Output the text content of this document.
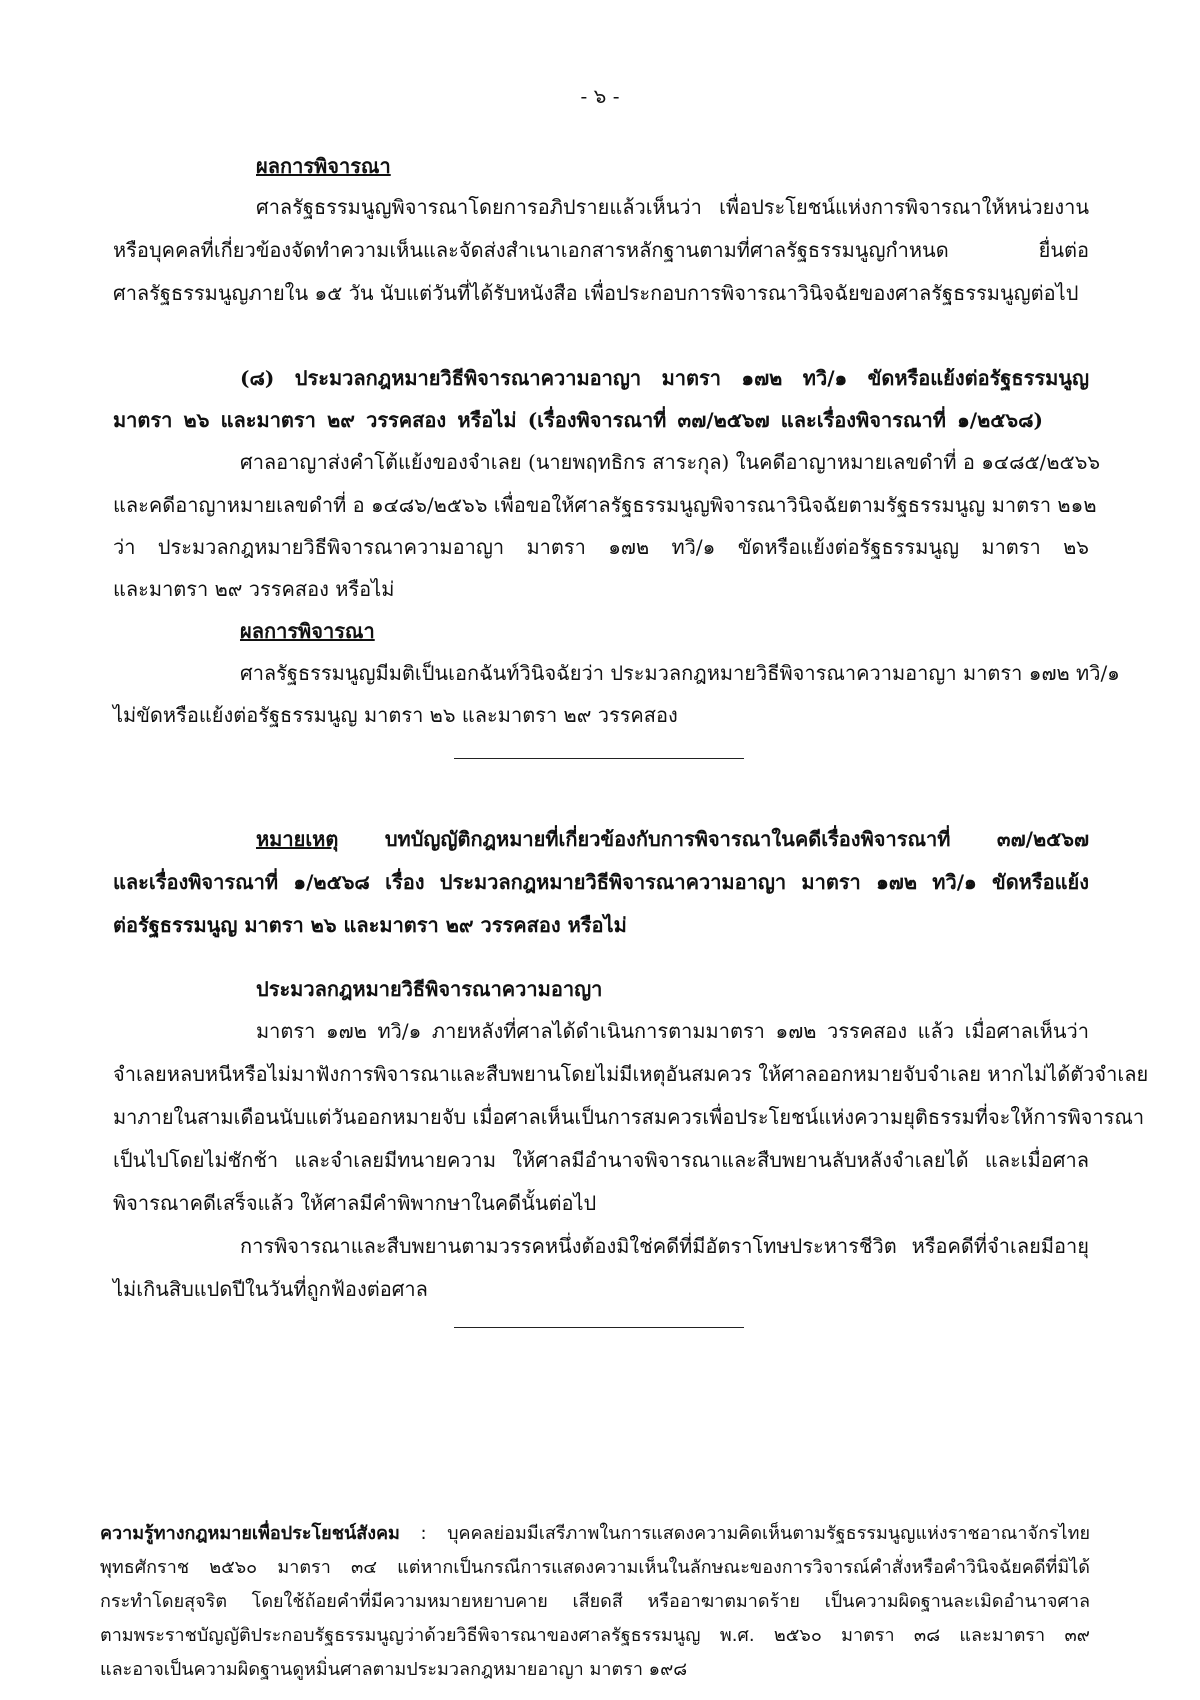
- ๖ -
ผลการพิจารณา
ศาลรัฐธรรมนูญพิจารณาโดยการอภิปรายแล้วเห็นว่า เพื่อประโยชน์แห่งการพิจารณาให้หน่วยงาน
หรือบุคคลที่เกี่ยวข้องจัดทำความเห็นและจัดส่งสำเนาเอกสารหลักฐานตามที่ศาลรัฐธรรมนูญกำหนด ยื่นต่อ
ศาลรัฐธรรมนูญภายใน ๑๕ วัน นับแต่วันที่ได้รับหนังสือ เพื่อประกอบการพิจารณาวินิจฉัยของศาลรัฐธรรมนูญต่อไป
(๘) ประมวลกฎหมายวิธีพิจารณาความอาญา มาตรา ๑๗๒ ทวิ/๑ ขัดหรือแย้งต่อรัฐธรรมนูญ
มาตรา ๒๖ และมาตรา ๒๙ วรรคสอง หรือไม่ (เรื่องพิจารณาที่ ๓๗/๒๕๖๗ และเรื่องพิจารณาที่ ๑/๒๕๖๘)
ศาลอาญาส่งคำโต้แย้งของจำเลย (นายพฤทธิกร สาระกุล) ในคดีอาญาหมายเลขดำที่ อ ๑๔๘๕/๒๕๖๖
และคดีอาญาหมายเลขดำที่ อ ๑๔๘๖/๒๕๖๖ เพื่อขอให้ศาลรัฐธรรมนูญพิจารณาวินิจฉัยตามรัฐธรรมนูญ มาตรา ๒๑๒
ว่า ประมวลกฎหมายวิธีพิจารณาความอาญา มาตรา ๑๗๒ ทวิ/๑ ขัดหรือแย้งต่อรัฐธรรมนูญ มาตรา ๒๖
และมาตรา ๒๙ วรรคสอง หรือไม่
ผลการพิจารณา
ศาลรัฐธรรมนูญมีมติเป็นเอกฉันท์วินิจฉัยว่า ประมวลกฎหมายวิธีพิจารณาความอาญา มาตรา ๑๗๒ ทวิ/๑
ไม่ขัดหรือแย้งต่อรัฐธรรมนูญ มาตรา ๒๖ และมาตรา ๒๙ วรรคสอง
หมายเหตุ บทบัญญัติกฎหมายที่เกี่ยวข้องกับการพิจารณาในคดีเรื่องพิจารณาที่ ๓๗/๒๕๖๗
และเรื่องพิจารณาที่ ๑/๒๕๖๘ เรื่อง ประมวลกฎหมายวิธีพิจารณาความอาญา มาตรา ๑๗๒ ทวิ/๑ ขัดหรือแย้ง
ต่อรัฐธรรมนูญ มาตรา ๒๖ และมาตรา ๒๙ วรรคสอง หรือไม่
ประมวลกฎหมายวิธีพิจารณาความอาญา
มาตรา ๑๗๒ ทวิ/๑ ภายหลังที่ศาลได้ดำเนินการตามมาตรา ๑๗๒ วรรคสอง แล้ว เมื่อศาลเห็นว่า
จำเลยหลบหนีหรือไม่มาฟังการพิจารณาและสืบพยานโดยไม่มีเหตุอันสมควร ให้ศาลออกหมายจับจำเลย หากไม่ได้ตัวจำเลย
มาภายในสามเดือนนับแต่วันออกหมายจับ เมื่อศาลเห็นเป็นการสมควรเพื่อประโยชน์แห่งความยุติธรรมที่จะให้การพิจารณา
เป็นไปโดยไม่ชักช้า และจำเลยมีทนายความ ให้ศาลมีอำนาจพิจารณาและสืบพยานลับหลังจำเลยได้ และเมื่อศาล
พิจารณาคดีเสร็จแล้ว ให้ศาลมีคำพิพากษาในคดีนั้นต่อไป
การพิจารณาและสืบพยานตามวรรคหนึ่งต้องมิใช่คดีที่มีอัตราโทษประหารชีวิต หรือคดีที่จำเลยมีอายุ
ไม่เกินสิบแปดปีในวันที่ถูกฟ้องต่อศาล
ความรู้ทางกฎหมายเพื่อประโยชน์สังคม : บุคคลย่อมมีเสรีภาพในการแสดงความคิดเห็นตามรัฐธรรมนูญแห่งราชอาณาจักรไทย
พุทธศักราช ๒๕๖๐ มาตรา ๓๔ แต่หากเป็นกรณีการแสดงความเห็นในลักษณะของการวิจารณ์คำสั่งหรือคำวินิจฉัยคดีที่มิได้
กระทำโดยสุจริต โดยใช้ถ้อยคำที่มีความหมายหยาบคาย เสียดสี หรืออาฆาตมาดร้าย เป็นความผิดฐานละเมิดอำนาจศาล
ตามพระราชบัญญัติประกอบรัฐธรรมนูญว่าด้วยวิธีพิจารณาของศาลรัฐธรรมนูญ พ.ศ. ๒๕๖๐ มาตรา ๓๘ และมาตรา ๓๙
และอาจเป็นความผิดฐานดูหมิ่นศาลตามประมวลกฎหมายอาญา มาตรา ๑๙๘
